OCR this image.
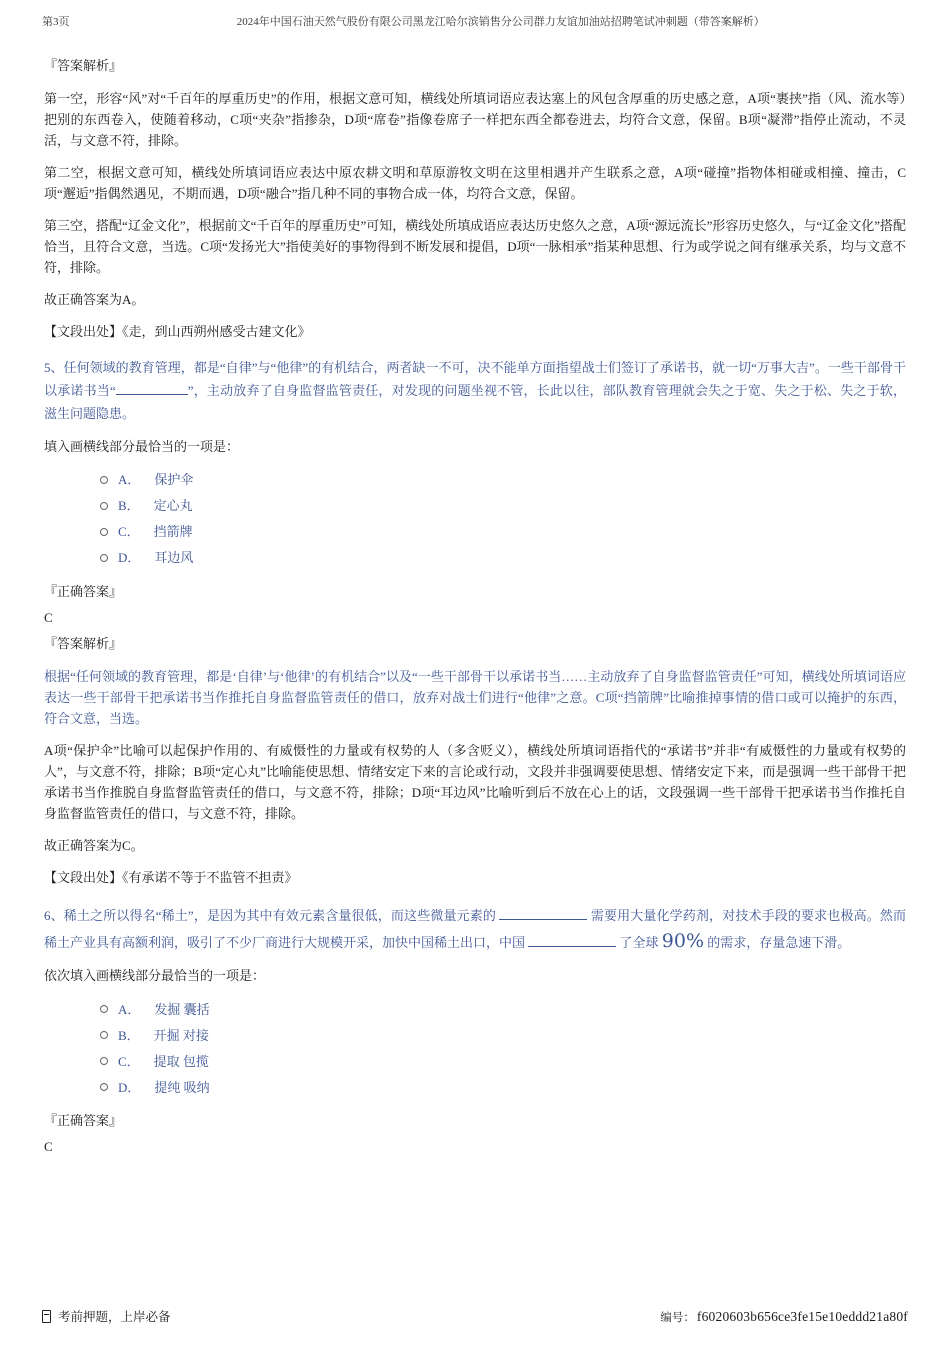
第3页	2024年中国石油天然气股份有限公司黑龙江哈尔滨销售分公司群力友谊加油站招聘笔试冲刺题（带答案解析）

『答案解析』

第一空，形容“风”对“千百年的厚重历史”的作用，根据文意可知，横线处所填词语应表达塞上的风包含厚重的历史感之意，A项“裹挟”指（风、流水等）把别的东西卷入，使随着移动，C项“夹杂”指掺杂，D项“席卷”指像卷席子一样把东西全都卷进去，均符合文意，保留。B项“凝滞”指停止流动，不灵活，与文意不符，排除。

第二空，根据文意可知，横线处所填词语应表达中原农耕文明和草原游牧文明在这里相遇并产生联系之意，A项“碰撞”指物体相碰或相撞、撞击，C项“邂逅”指偶然遇见，不期而遇，D项“融合”指几种不同的事物合成一体，均符合文意，保留。

第三空，搭配“辽金文化”，根据前文“千百年的厚重历史”可知，横线处所填成语应表达历史悠久之意，A项“源远流长”形容历史悠久，与“辽金文化”搭配恰当，且符合文意，当选。C项“发扬光大”指使美好的事物得到不断发展和提倡，D项“一脉相承”指某种思想、行为或学说之间有继承关系，均与文意不符，排除。

故正确答案为A。

【文段出处】《走，到山西朔州感受古建文化》

5、任何领域的教育管理，都是“自律”与“他律”的有机结合，两者缺一不可，决不能单方面指望战士们签订了承诺书，就一切“万事大吉”。一些干部骨干以承诺书当“	”，主动放弃了自身监督监管责任，对发现的问题坐视不管，长此以往，部队教育管理就会失之于宽、失之于松、失之于软，滋生问题隐患。

填入画横线部分最恰当的一项是：

A． 保护伞
B． 定心丸
C． 挡箭牌
D． 耳边风

『正确答案』

C

『答案解析』

根据“任何领域的教育管理，都是‘自律’与‘他律’的有机结合”以及“一些干部骨干以承诺书当……主动放弃了自身监督监管责任”可知，横线处所填词语应表达一些干部骨干把承诺书当作推托自身监督监管责任的借口，放弃对战士们进行“他律”之意。C项“挡箭牌”比喻推掉事情的借口或可以掩护的东西，符合文意，当选。

A项“保护伞”比喻可以起保护作用的、有威慑性的力量或有权势的人（多含贬义），横线处所填词语指代的“承诺书”并非“有威慑性的力量或有权势的人”，与文意不符，排除；B项“定心丸”比喻能使思想、情绪安定下来的言论或行动，文段并非强调要使思想、情绪安定下来，而是强调一些干部骨干把承诺书当作推脱自身监督监管责任的借口，与文意不符，排除；D项“耳边风”比喻听到后不放在心上的话，文段强调一些干部骨干把承诺书当作推托自身监督监管责任的借口，与文意不符，排除。

故正确答案为C。

【文段出处】《有承诺不等于不监管不担责》

6、稀土之所以得名“稀土”，是因为其中有效元素含量很低，而这些微量元素的	需要用大量化学药剂，对技术手段的要求也极高。然而稀土产业具有高额利润，吸引了不少厂商进行大规模开采，加快中国稀土出口，中国	了全球 90% 的需求，存量急速下滑。

依次填入画横线部分最恰当的一项是：

A． 发掘 囊括
B． 开掘 对接
C． 提取 包揽
D． 提纯 吸纳

『正确答案』

C

考前押题，上岸必备	编号： f6020603b656ce3fe15e10eddd21a80f
